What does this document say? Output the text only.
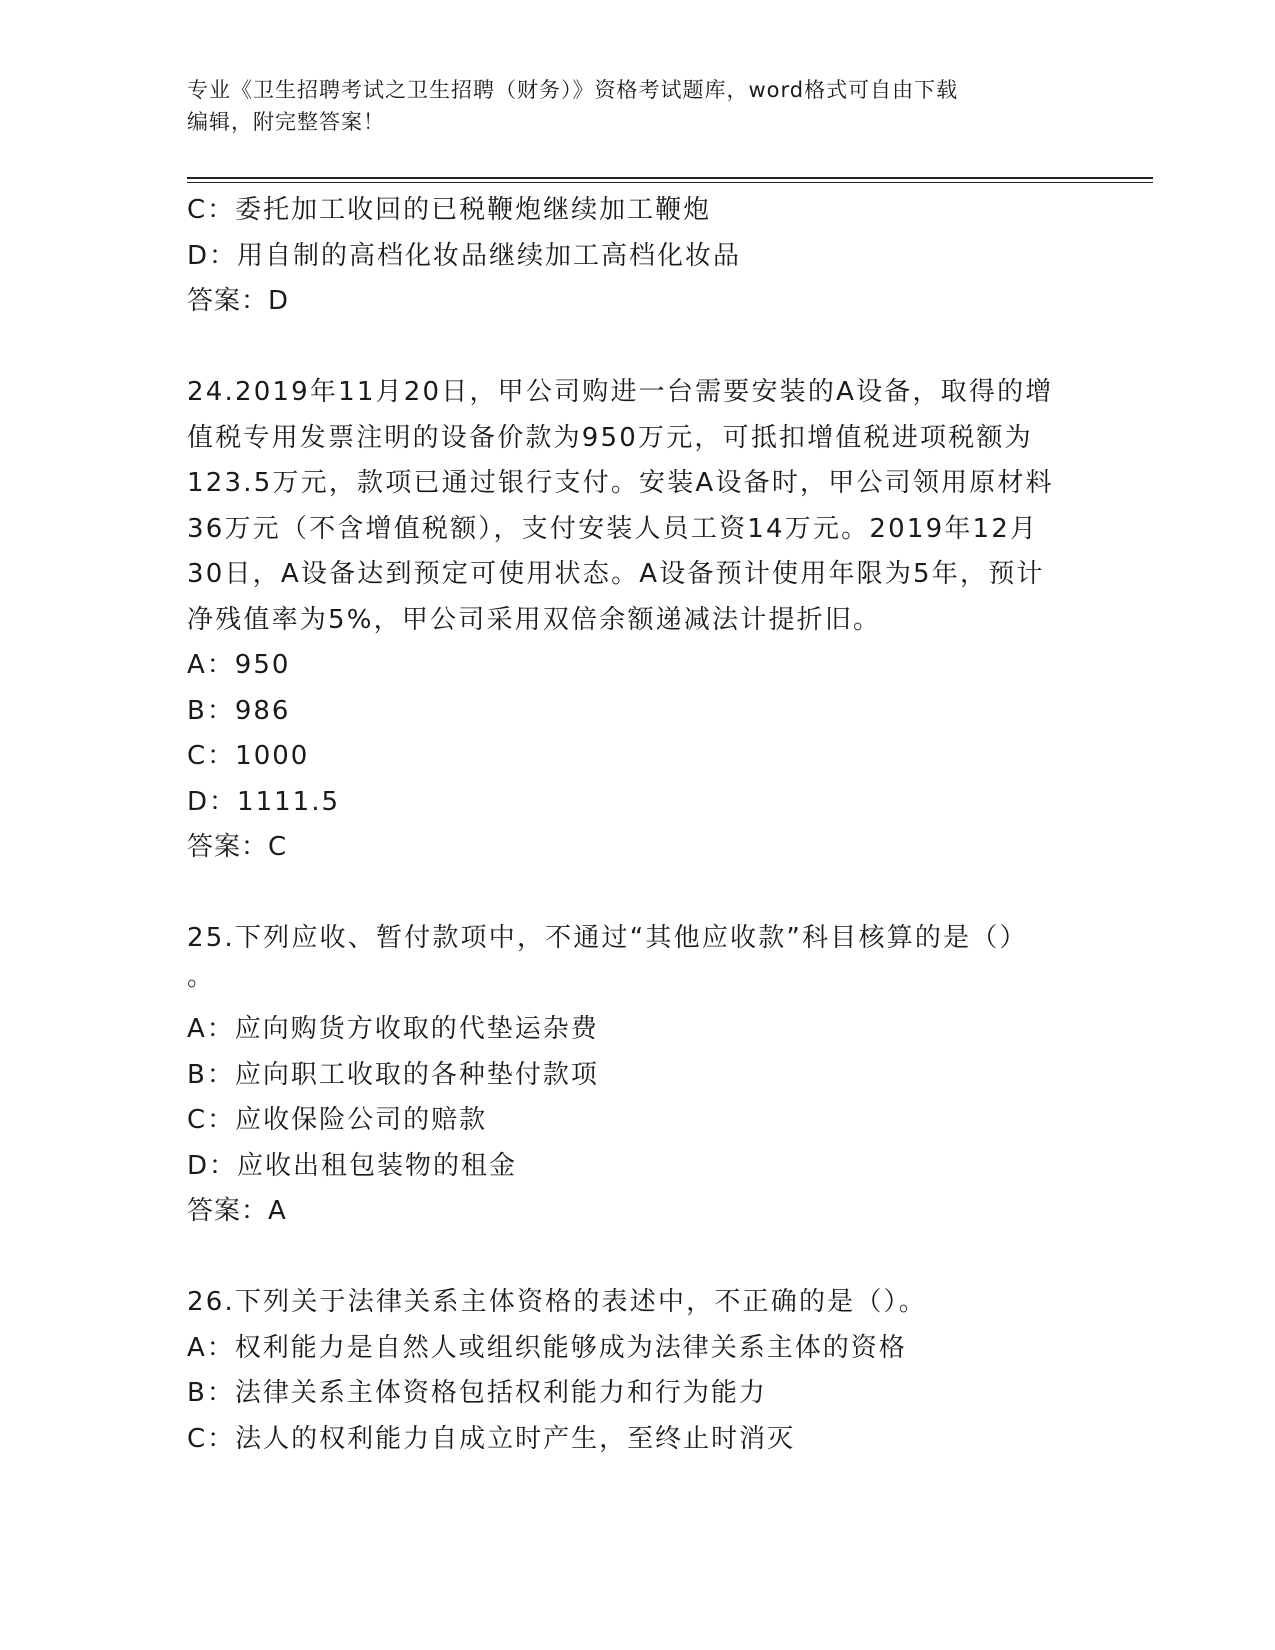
专业《卫生招聘考试之卫生招聘（财务）》资格考试题库，word格式可自由下载
编辑，附完整答案！
C：委托加工收回的已税鞭炮继续加工鞭炮
D：用自制的高档化妆品继续加工高档化妆品
答案：D
24.2019年11月20日，甲公司购进一台需要安装的A设备，取得的增
值税专用发票注明的设备价款为950万元，可抵扣增值税进项税额为
123.5万元，款项已通过银行支付。安装A设备时，甲公司领用原材料
36万元（不含增值税额），支付安装人员工资14万元。2019年12月
30日，A设备达到预定可使用状态。A设备预计使用年限为5年，预计
净残值率为5%，甲公司采用双倍余额递减法计提折旧。
A：950
B：986
C：1000
D：1111.5
答案：C
25.下列应收、暂付款项中，不通过“其他应收款”科目核算的是（）
。
A：应向购货方收取的代垫运杂费
B：应向职工收取的各种垫付款项
C：应收保险公司的赔款
D：应收出租包装物的租金
答案：A
26.下列关于法律关系主体资格的表述中，不正确的是（）。
A：权利能力是自然人或组织能够成为法律关系主体的资格
B：法律关系主体资格包括权利能力和行为能力
C：法人的权利能力自成立时产生，至终止时消灭
